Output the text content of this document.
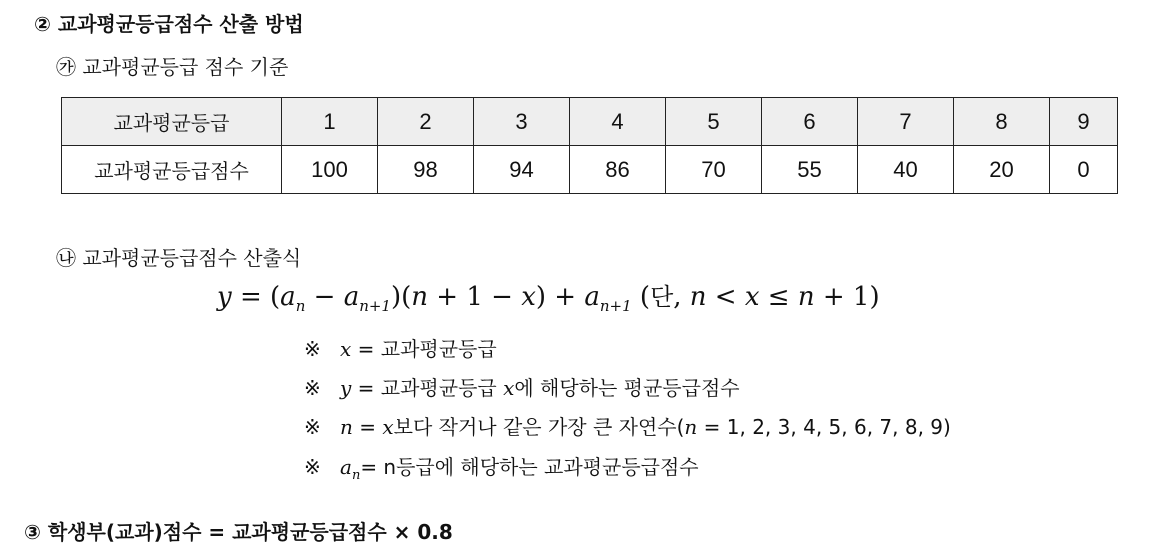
② 교과평균등급점수 산출 방법
㉮ 교과평균등급 점수 기준
교과평균등급	1	2	3	4	5	6	7	8	9
교과평균등급점수	100	98	94	86	70	55	40	20	0
㉯ 교과평균등급점수 산출식
$y = (a_n - a_{n+1})(n + 1 - x) + a_{n+1}$ (단, n < x ≤ n + 1)
※ x = 교과평균등급
※ y = 교과평균등급 x에 해당하는 평균등급점수
※ n = x보다 작거나 같은 가장 큰 자연수(n = 1, 2, 3, 4, 5, 6, 7, 8, 9)
※ $a_n= n$등급에 해당하는 교과평균등급점수
③ 학생부(교과)점수 = 교과평균등급점수 × 0.8
